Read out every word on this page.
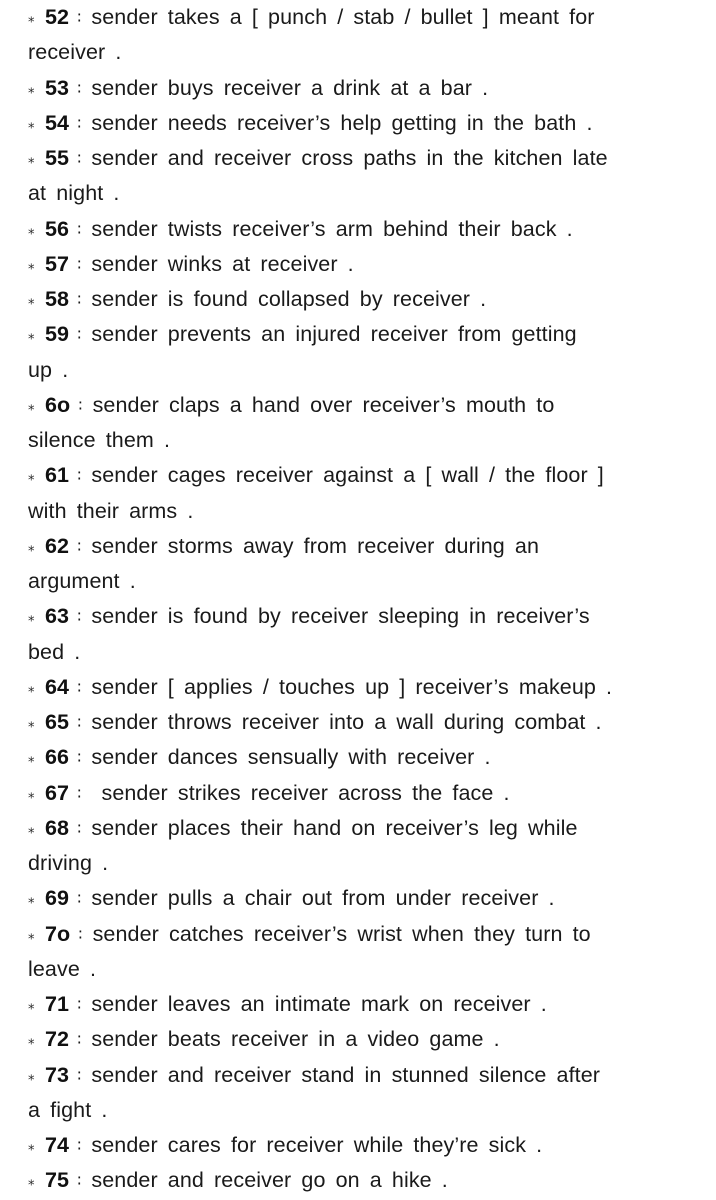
⁎ 52 ∶ sender takes a [ punch / stab / bullet ] meant for
receiver .
⁎ 53 ∶ sender buys receiver a drink at a bar .
⁎ 54 ∶ sender needs receiver’s help getting in the bath .
⁎ 55 ∶ sender and receiver cross paths in the kitchen late
at night .
⁎ 56 ∶ sender twists receiver’s arm behind their back .
⁎ 57 ∶ sender winks at receiver .
⁎ 58 ∶ sender is found collapsed by receiver .
⁎ 59 ∶ sender prevents an injured receiver from getting
up .
⁎ 6o ∶ sender claps a hand over receiver’s mouth to
silence them .
⁎ 61 ∶ sender cages receiver against a [ wall / the floor ]
with their arms .
⁎ 62 ∶ sender storms away from receiver during an
argument .
⁎ 63 ∶ sender is found by receiver sleeping in receiver’s
bed .
⁎ 64 ∶ sender [ applies / touches up ] receiver’s makeup .
⁎ 65 ∶ sender throws receiver into a wall during combat .
⁎ 66 ∶ sender dances sensually with receiver .
⁎ 67 ∶ sender strikes receiver across the face .
⁎ 68 ∶ sender places their hand on receiver’s leg while
driving .
⁎ 69 ∶ sender pulls a chair out from under receiver .
⁎ 7o ∶ sender catches receiver’s wrist when they turn to
leave .
⁎ 71 ∶ sender leaves an intimate mark on receiver .
⁎ 72 ∶ sender beats receiver in a video game .
⁎ 73 ∶ sender and receiver stand in stunned silence after
a fight .
⁎ 74 ∶ sender cares for receiver while they’re sick .
⁎ 75 ∶ sender and receiver go on a hike .
